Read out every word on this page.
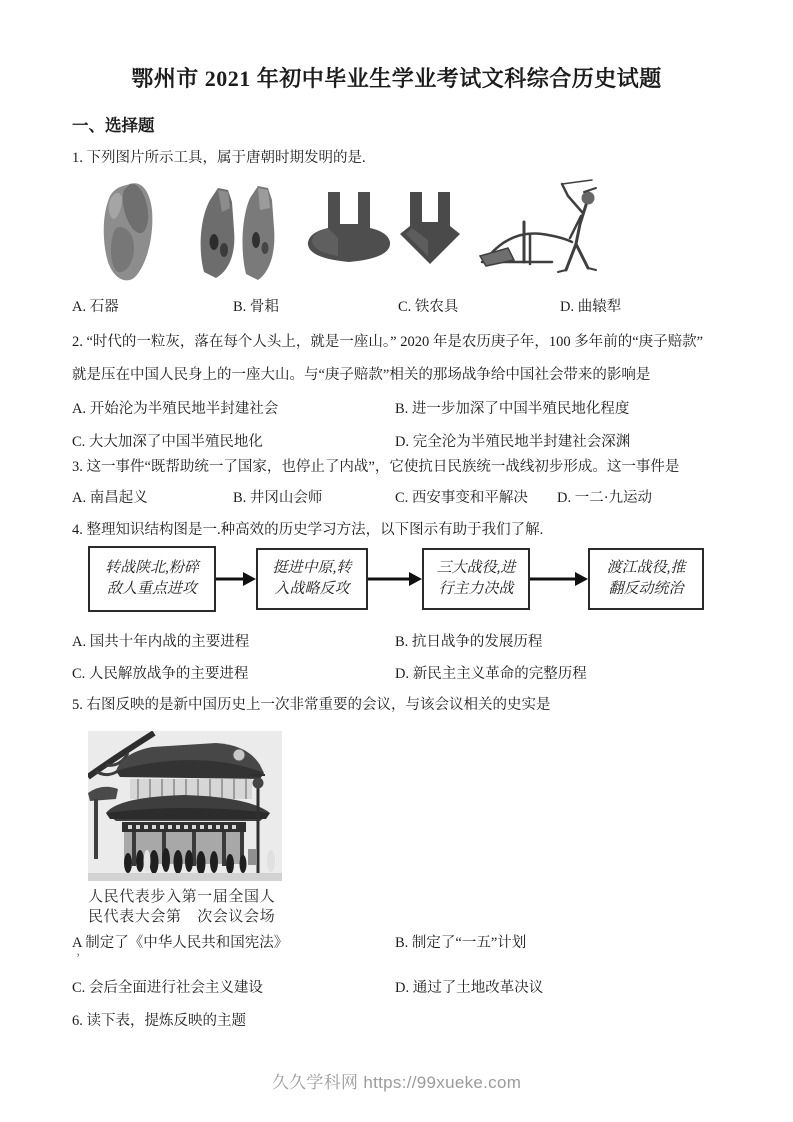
鄂州市 2021 年初中毕业生学业考试文科综合历史试题
一、选择题
1. 下列图片所示工具，属于唐朝时期发明的是.
A. 石器	B. 骨耜	C. 铁农具	D. 曲辕犁
2. “时代的一粒灰，落在每个人头上，就是一座山。” 2020 年是农历庚子年，100 多年前的“庚子赔款”
就是压在中国人民身上的一座大山。与“庚子赔款”相关的那场战争给中国社会带来的影响是
A. 开始沦为半殖民地半封建社会	B. 进一步加深了中国半殖民地化程度
C. 大大加深了中国半殖民地化	D. 完全沦为半殖民地半封建社会深渊
3. 这一事件“既帮助统一了国家，也停止了内战”，它使抗日民族统一战线初步形成。这一事件是
A. 南昌起义	B. 井冈山会师	C. 西安事变和平解决 D. 一二·九运动
4. 整理知识结构图是一.种高效的历史学习方法，以下图示有助于我们了解.
转战陕北,粉碎
敌人重点进攻
挺进中原,转
入战略反攻
三大战役,进
行主力决战
渡江战役,推
翻反动统治
A. 国共十年内战的主要进程	B. 抗日战争的发展历程
C. 人民解放战争的主要进程	D. 新民主主义革命的完整历程
5. 右图反映的是新中国历史上一次非常重要的会议，与该会议相关的史实是
人民代表步入第一届全国人
民代表大会第　次会议会场
A 制定了《中华人民共和国宪法》	B. 制定了“一五”计划
’
C. 会后全面进行社会主义建设	D. 通过了土地改革决议
6. 读下表，提炼反映的主题
久久学科网 https://99xueke.com
